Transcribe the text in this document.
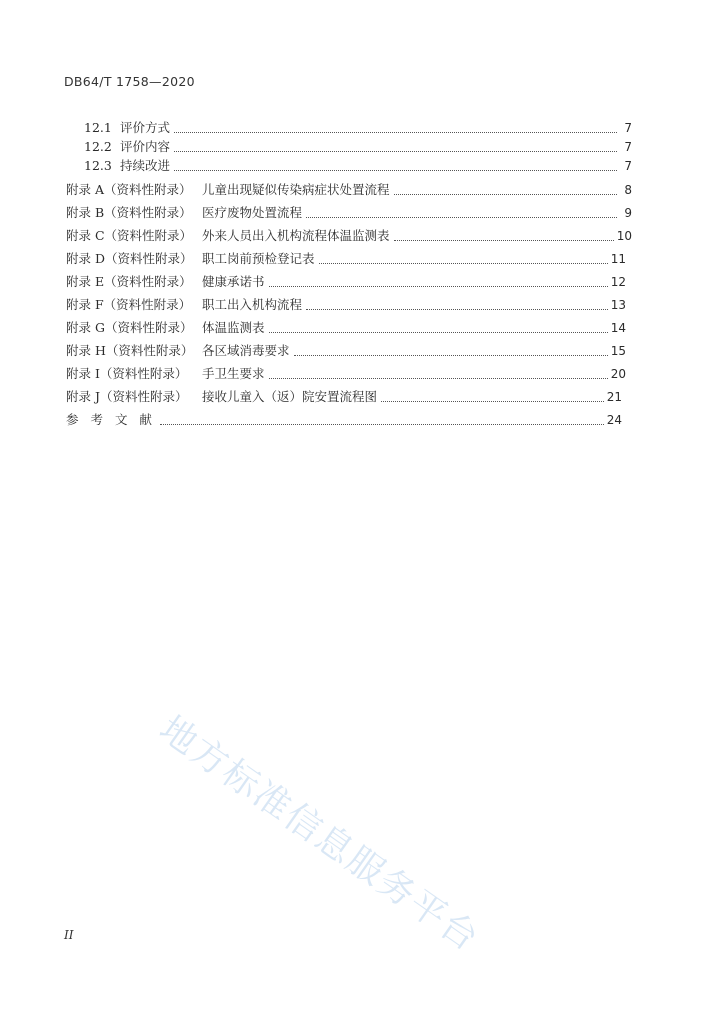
DB64/T 1758—2020
12.1 评价方式	7
12.2 评价内容	7
12.3 持续改进	7
附录 A（资料性附录） 儿童出现疑似传染病症状处置流程	8
附录 B（资料性附录） 医疗废物处置流程	9
附录 C（资料性附录） 外来人员出入机构流程体温监测表	10
附录 D（资料性附录） 职工岗前预检登记表	11
附录 E（资料性附录） 健康承诺书	12
附录 F（资料性附录） 职工出入机构流程	13
附录 G（资料性附录） 体温监测表	14
附录 H（资料性附录） 各区域消毒要求	15
附录 I（资料性附录）	手卫生要求	20
附录 J（资料性附录）	接收儿童入（返）院安置流程图	21
参 考 文 献	24
地方标准信息服务平台
II
